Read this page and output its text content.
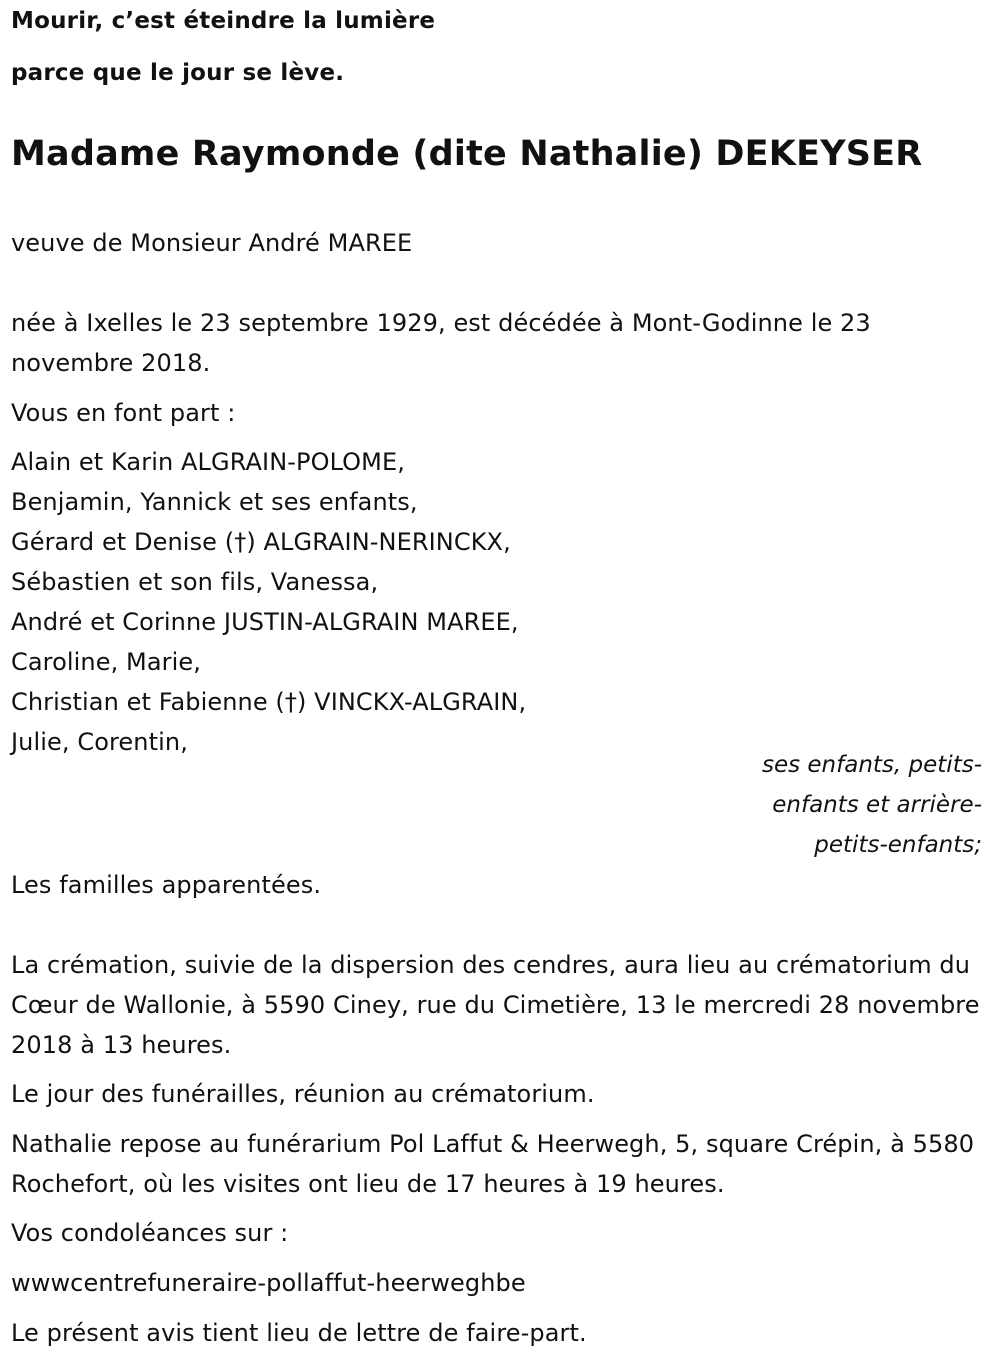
Mourir, c’est éteindre la lumière
parce que le jour se lève.
Madame Raymonde (dite Nathalie) DEKEYSER
veuve de Monsieur André MAREE
née à Ixelles le 23 septembre 1929, est décédée à Mont-Godinne le 23 novembre 2018.
Vous en font part :
Alain et Karin ALGRAIN-POLOME,
Benjamin, Yannick et ses enfants,
Gérard et Denise (†) ALGRAIN-NERINCKX,
Sébastien et son fils, Vanessa,
André et Corinne JUSTIN-ALGRAIN MAREE,
Caroline, Marie,
Christian et Fabienne (†) VINCKX-ALGRAIN,
Julie, Corentin,
ses enfants, petits-enfants et arrière-petits-enfants;
Les familles apparentées.
La crémation, suivie de la dispersion des cendres, aura lieu au crématorium du Cœur de Wallonie, à 5590 Ciney, rue du Cimetière, 13 le mercredi 28 novembre 2018 à 13 heures.
Le jour des funérailles, réunion au crématorium.
Nathalie repose au funérarium Pol Laffut & Heerwegh, 5, square Crépin, à 5580 Rochefort, où les visites ont lieu de 17 heures à 19 heures.
Vos condoléances sur :
wwwcentrefuneraire-pollaffut-heerweghbe
Le présent avis tient lieu de lettre de faire-part.
